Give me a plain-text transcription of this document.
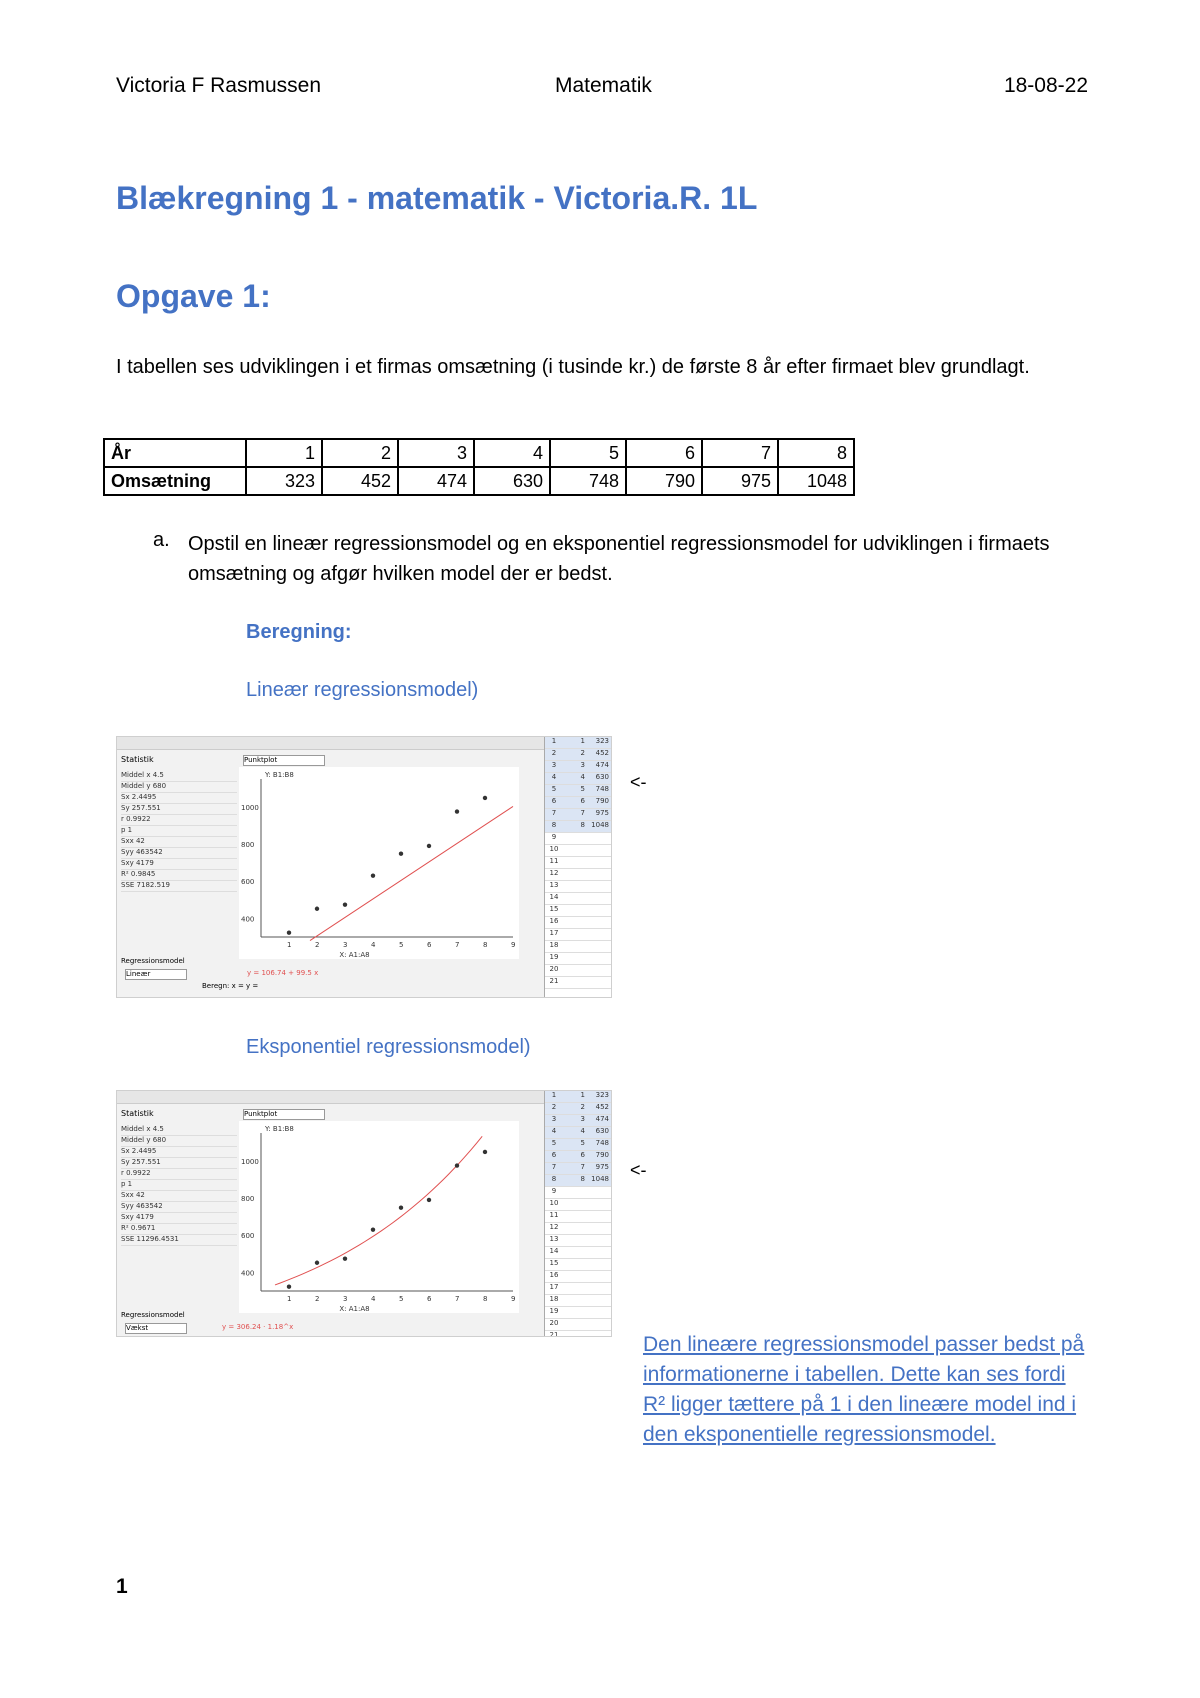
Victoria F Rasmussen	Matematik	18-08-22
Blækregning 1 - matematik - Victoria.R. 1L
Opgave 1:
I tabellen ses udviklingen i et firmas omsætning (i tusinde kr.) de første 8 år efter firmaet blev grundlagt.
År	1	2	3	4	5	6	7	8
Omsætning	323	452	474	630	748	790	975	1048
a. Opstil en lineær regressionsmodel og en eksponentiel regressionsmodel for udviklingen i firmaets omsætning og afgør hvilken model der er bedst.
Beregning:
Lineær regressionsmodel)
Statistik
Middel x 4.5
Middel y 680
Sx 2.4495
Sy 257.551
r 0.9922
p 1
Sxx 42
Syy 463542
Sxy 4179
R² 0.9845
SSE 7182.519
Regressionsmodel
Lineær	y = 106.74 + 99.5 x
Beregn: x = y =
Punktplot
1	2	3	4	5	6	7	8	9
1000
800
600
400
Y: B1:B8
X: A1:A8
1	1	323
2	2	452
3	3	474
4	4	630
5	5	748
6	6	790
7	7	975
8	8 1048
9
10
11
12
13
14
15
16
17
18
19
20
21
<-
Eksponentiel regressionsmodel)
Statistik
Middel x 4.5
Middel y 680
Sx 2.4495
Sy 257.551
r 0.9922
p 1
Sxx 42
Syy 463542
Sxy 4179
R² 0.9671
SSE 11296.4531
Regressionsmodel
Vækst	y = 306.24 · 1.18^x
Punktplot
1	2	3	4	5	6	7	8	9
1000
800
600
400
Y: B1:B8
X: A1:A8
1	1	323
2	2	452
3	3	474
4	4	630
5	5	748
6	6	790
7	7	975
8	8 1048
9
10
11
12
13
14
15
16
17
18
19
20
21
<-
Den lineære regressionsmodel passer bedst på informationerne i tabellen. Dette kan ses fordi R² ligger tættere på 1 i den lineære model ind i den eksponentielle regressionsmodel.
1
